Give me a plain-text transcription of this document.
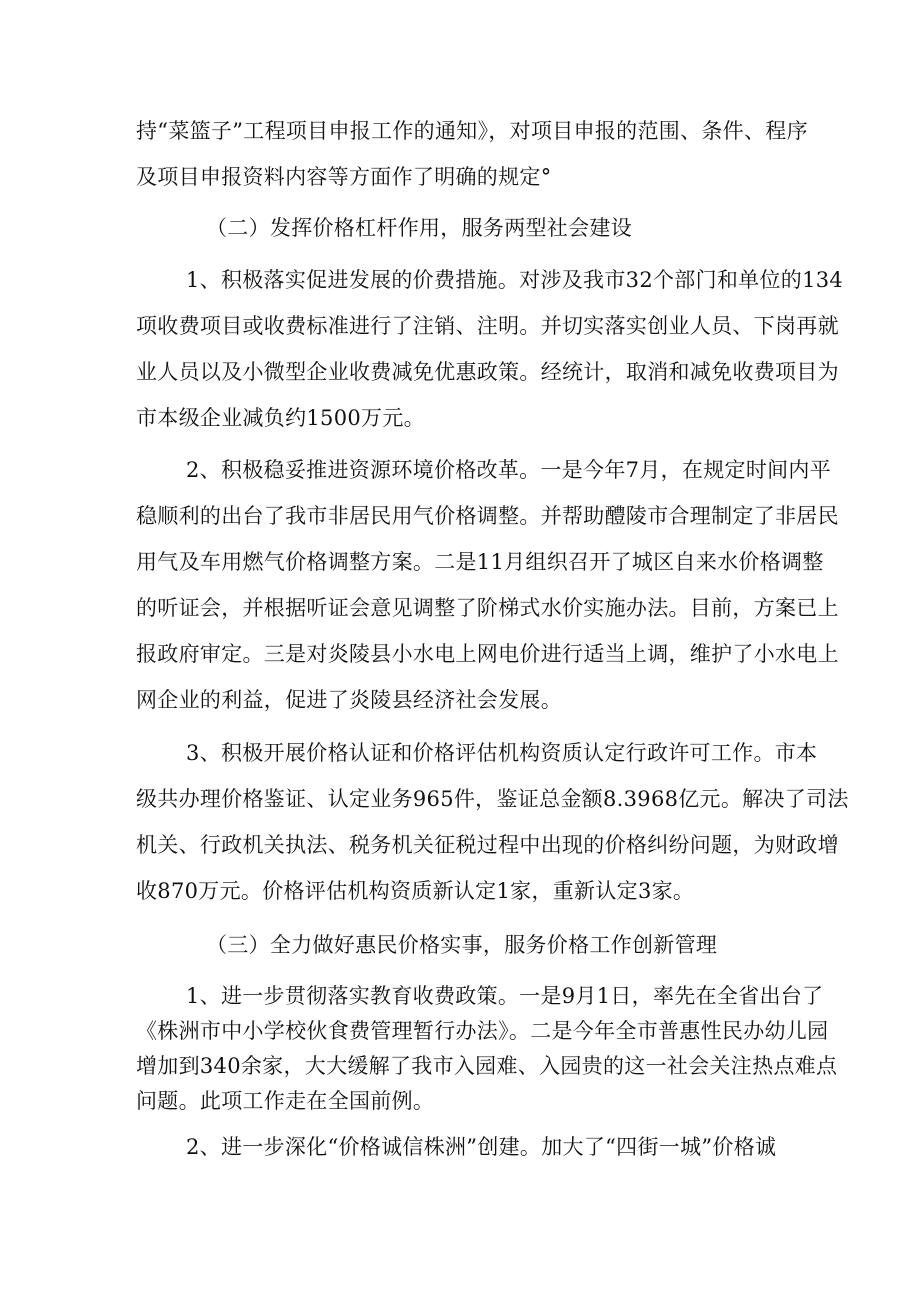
持“菜篮子”工程项目申报工作的通知》，对项目申报的范围、条件、程序
及项目申报资料内容等方面作了明确的规定°
（二）发挥价格杠杆作用，服务两型社会建设
1、积极落实促进发展的价费措施。对涉及我市32个部门和单位的134
项收费项目或收费标准进行了注销、注明。并切实落实创业人员、下岗再就
业人员以及小微型企业收费减免优惠政策。经统计，取消和减免收费项目为
市本级企业减负约1500万元。
2、积极稳妥推进资源环境价格改革。一是今年7月，在规定时间内平
稳顺利的出台了我市非居民用气价格调整。并帮助醴陵市合理制定了非居民
用气及车用燃气价格调整方案。二是11月组织召开了城区自来水价格调整
的听证会，并根据听证会意见调整了阶梯式水价实施办法。目前，方案已上
报政府审定。三是对炎陵县小水电上网电价进行适当上调，维护了小水电上
网企业的利益，促进了炎陵县经济社会发展。
3、积极开展价格认证和价格评估机构资质认定行政许可工作。市本
级共办理价格鉴证、认定业务965件，鉴证总金额8.3968亿元。解决了司法
机关、行政机关执法、税务机关征税过程中出现的价格纠纷问题，为财政增
收870万元。价格评估机构资质新认定1家，重新认定3家。
（三）全力做好惠民价格实事，服务价格工作创新管理
1、进一步贯彻落实教育收费政策。一是9月1日，率先在全省出台了
《株洲市中小学校伙食费管理暂行办法》。二是今年全市普惠性民办幼儿园
增加到340余家，大大缓解了我市入园难、入园贵的这一社会关注热点难点
问题。此项工作走在全国前例。
2、进一步深化“价格诚信株洲”创建。加大了“四街一城”价格诚
